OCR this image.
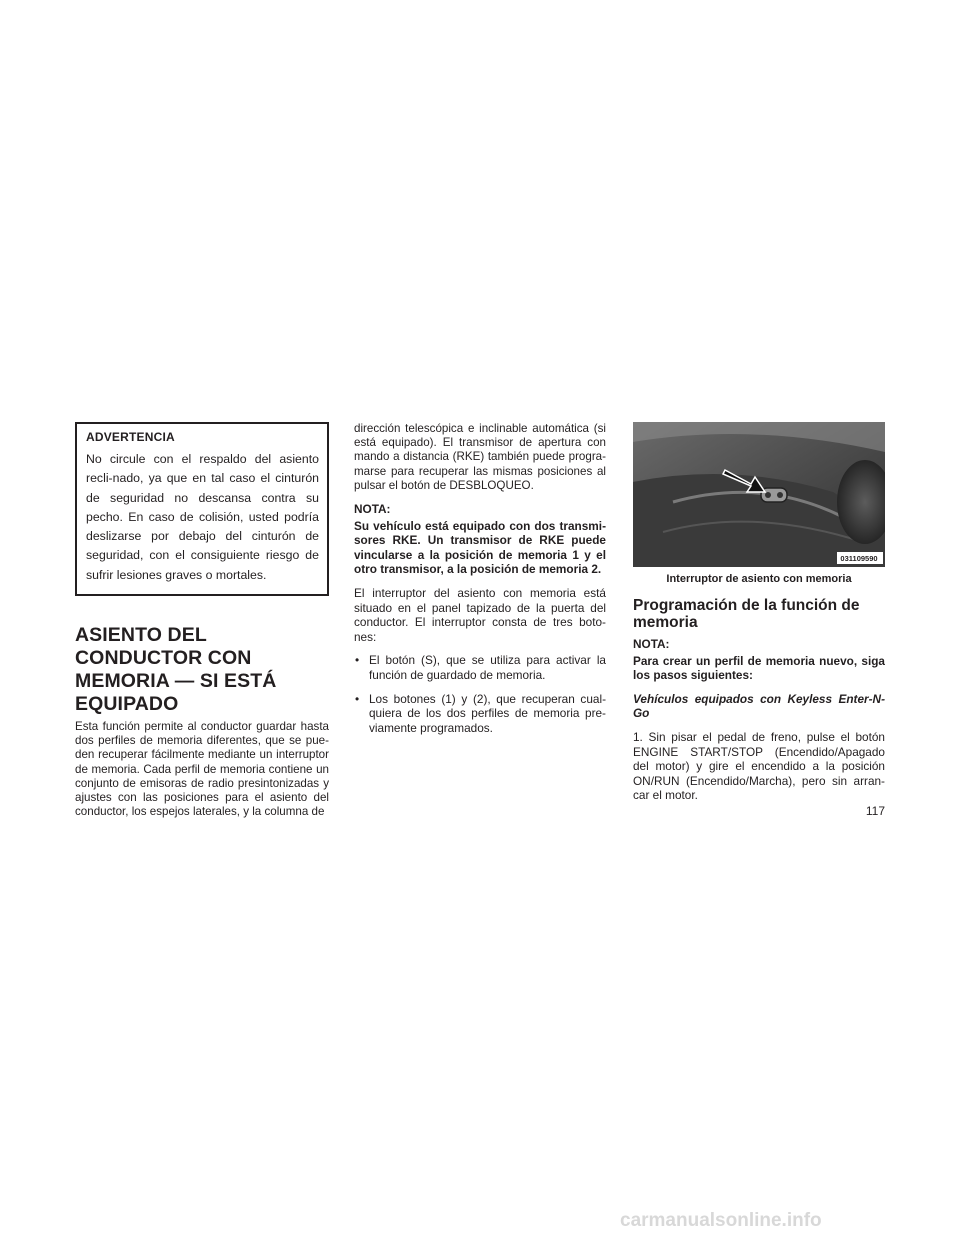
ADVERTENCIA

No circule con el respaldo del asiento recli-nado, ya que en tal caso el cinturón de seguridad no descansa contra su pecho. En caso de colisión, usted podría deslizarse por debajo del cinturón de seguridad, con el consiguiente riesgo de sufrir lesiones graves o mortales.

ASIENTO DEL CONDUCTOR CON MEMORIA — SI ESTÁ EQUIPADO

Esta función permite al conductor guardar hasta dos perfiles de memoria diferentes, que se pue-den recuperar fácilmente mediante un interruptor de memoria. Cada perfil de memoria contiene un conjunto de emisoras de radio presintonizadas y ajustes con las posiciones para el asiento del conductor, los espejos laterales, y la columna de

dirección telescópica e inclinable automática (si está equipado). El transmisor de apertura con mando a distancia (RKE) también puede progra-marse para recuperar las mismas posiciones al pulsar el botón de DESBLOQUEO.

NOTA:

Su vehículo está equipado con dos transmi-sores RKE. Un transmisor de RKE puede vincularse a la posición de memoria 1 y el otro transmisor, a la posición de memoria 2.

El interruptor del asiento con memoria está situado en el panel tapizado de la puerta del conductor. El interruptor consta de tres boto-nes:

• El botón (S), que se utiliza para activar la función de guardado de memoria.
• Los botones (1) y (2), que recuperan cual-quiera de los dos perfiles de memoria pre-viamente programados.
031109590
Interruptor de asiento con memoria
Programación de la función de memoria

NOTA:

Para crear un perfil de memoria nuevo, siga los pasos siguientes:

Vehículos equipados con Keyless Enter-N-Go

1. Sin pisar el pedal de freno, pulse el botón ENGINE START/STOP (Encendido/Apagado del motor) y gire el encendido a la posición ON/RUN (Encendido/Marcha), pero sin arran-car el motor.

117
carmanualsonline.info
